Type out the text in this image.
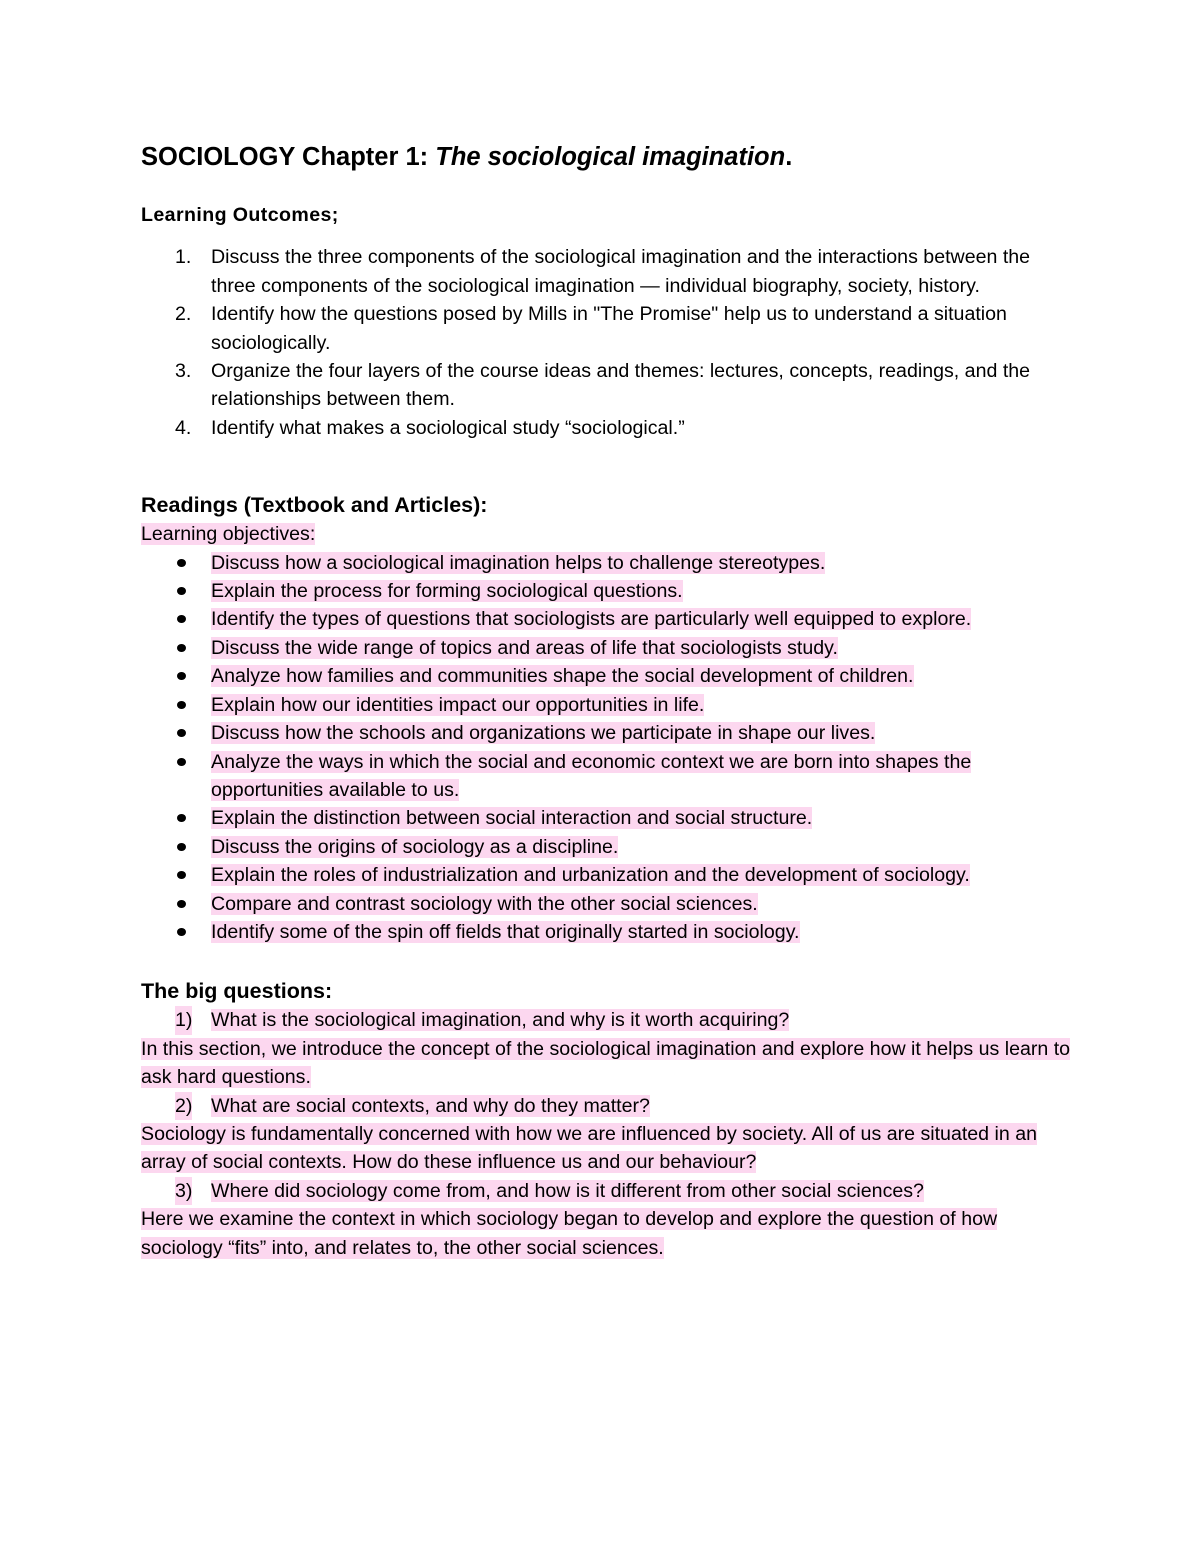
SOCIOLOGY Chapter 1: The sociological imagination.
Learning Outcomes;
1. Discuss the three components of the sociological imagination and the interactions between the three components of the sociological imagination — individual biography, society, history.
2. Identify how the questions posed by Mills in "The Promise" help us to understand a situation sociologically.
3. Organize the four layers of the course ideas and themes: lectures, concepts, readings, and the relationships between them.
4. Identify what makes a sociological study “sociological.”
Readings (Textbook and Articles):
Learning objectives:
Discuss how a sociological imagination helps to challenge stereotypes.
Explain the process for forming sociological questions.
Identify the types of questions that sociologists are particularly well equipped to explore.
Discuss the wide range of topics and areas of life that sociologists study.
Analyze how families and communities shape the social development of children.
Explain how our identities impact our opportunities in life.
Discuss how the schools and organizations we participate in shape our lives.
Analyze the ways in which the social and economic context we are born into shapes the opportunities available to us.
Explain the distinction between social interaction and social structure.
Discuss the origins of sociology as a discipline.
Explain the roles of industrialization and urbanization and the development of sociology.
Compare and contrast sociology with the other social sciences.
Identify some of the spin off fields that originally started in sociology.
The big questions:
1) What is the sociological imagination, and why is it worth acquiring?
In this section, we introduce the concept of the sociological imagination and explore how it helps us learn to ask hard questions.
2) What are social contexts, and why do they matter?
Sociology is fundamentally concerned with how we are influenced by society. All of us are situated in an array of social contexts. How do these influence us and our behaviour?
3) Where did sociology come from, and how is it different from other social sciences?
Here we examine the context in which sociology began to develop and explore the question of how sociology “fits” into, and relates to, the other social sciences.
